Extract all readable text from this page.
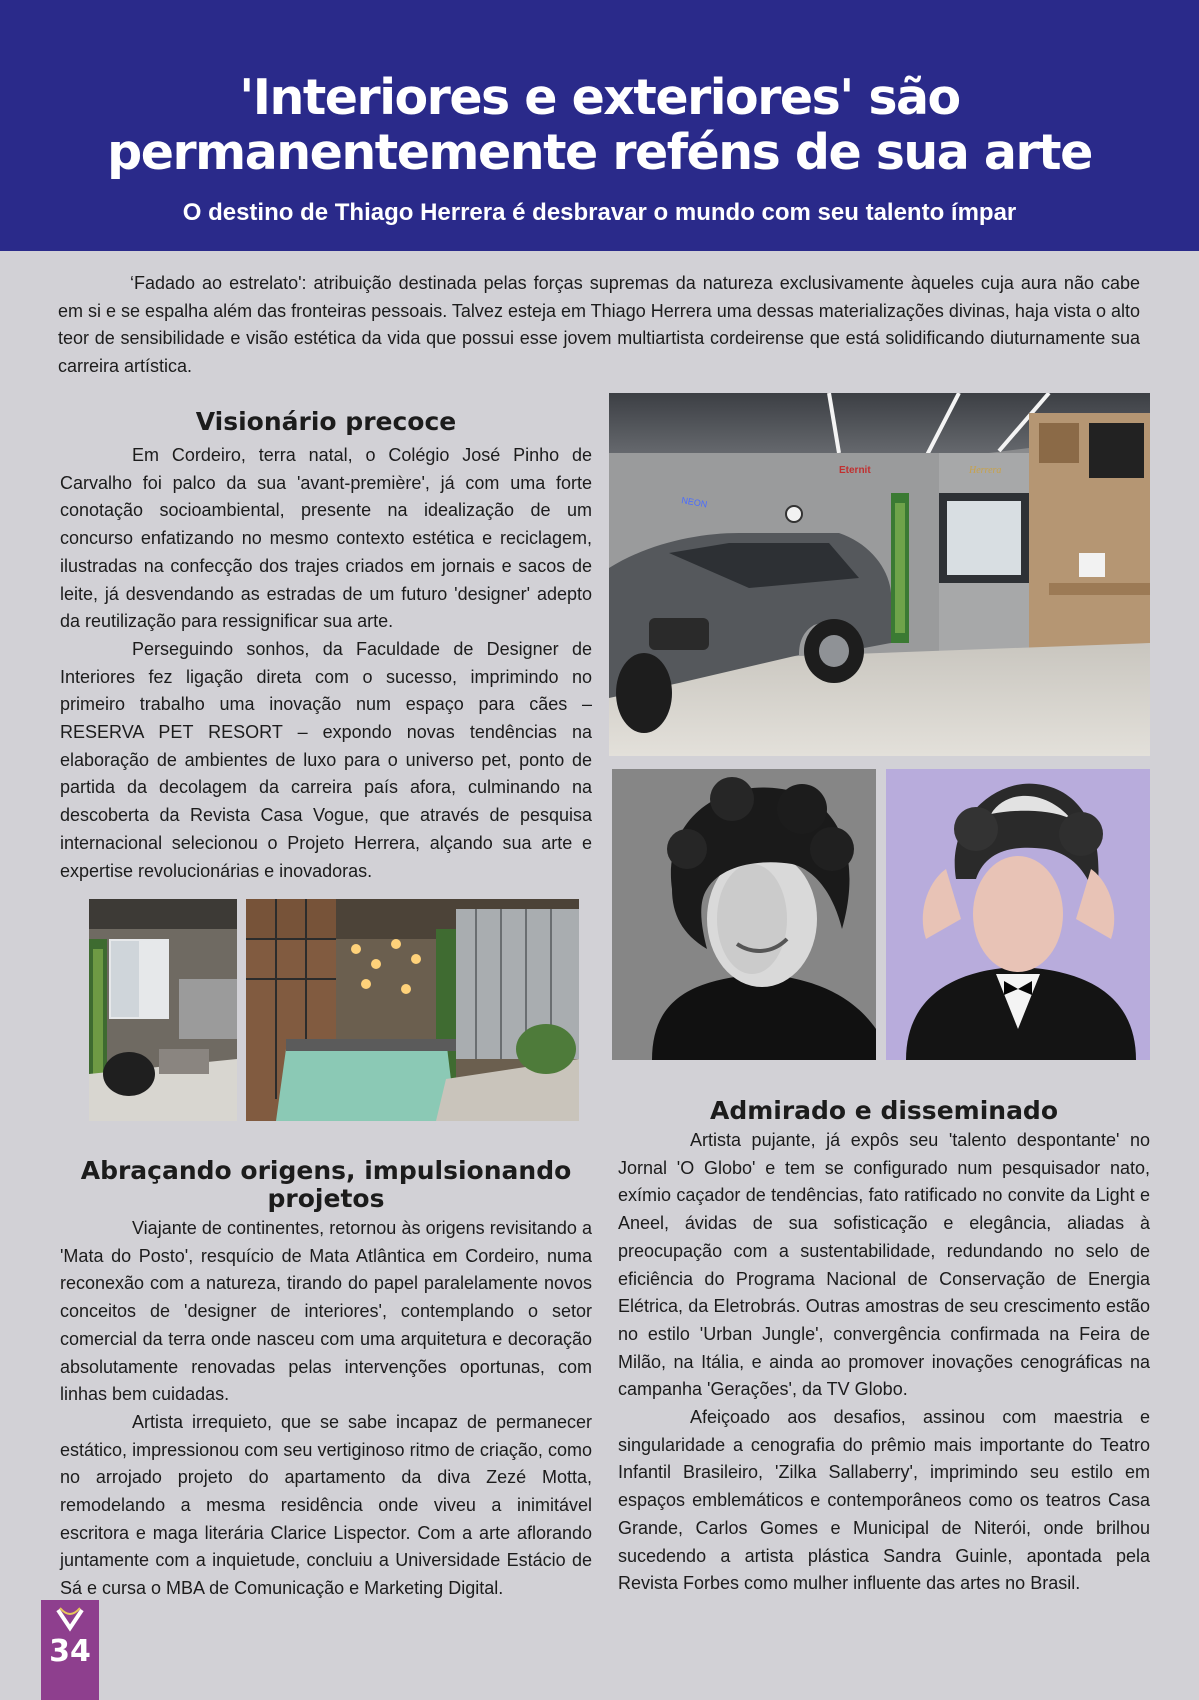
'Interiores e exteriores' são
permanentemente reféns de sua arte
O destino de Thiago Herrera é desbravar o mundo com seu talento ímpar

‘Fadado ao estrelato': atribuição destinada pelas forças supremas da natureza exclusivamente àqueles cuja aura não cabe em si e se espalha além das fronteiras pessoais. Talvez esteja em Thiago Herrera uma dessas materializações divinas, haja vista o alto teor de sensibilidade e visão estética da vida que possui esse jovem multiartista cordeirense que está solidificando diuturnamente sua carreira artística.

Visionário precoce

Em Cordeiro, terra natal, o Colégio José Pinho de Carvalho foi palco da sua 'avant-première', já com uma forte conotação socioambiental, presente na idealização de um concurso enfatizando no mesmo contexto estética e reciclagem, ilustradas na confecção dos trajes criados em jornais e sacos de leite, já desvendando as estradas de um futuro 'designer' adepto da reutilização para ressignificar sua arte.

Perseguindo sonhos, da Faculdade de Designer de Interiores fez ligação direta com o sucesso, imprimindo no primeiro trabalho uma inovação num espaço para cães – RESERVA PET RESORT – expondo novas tendências na elaboração de ambientes de luxo para o universo pet, ponto de partida da decolagem da carreira país afora, culminando na descoberta da Revista Casa Vogue, que através de pesquisa internacional selecionou o Projeto Herrera, alçando sua arte e expertise revolucionárias e inovadoras.

Abraçando origens, impulsionando
projetos

Viajante de continentes, retornou às origens revisitando a 'Mata do Posto', resquício de Mata Atlântica em Cordeiro, numa reconexão com a natureza, tirando do papel paralelamente novos conceitos de 'designer de interiores', contemplando o setor comercial da terra onde nasceu com uma arquitetura e decoração absolutamente renovadas pelas intervenções oportunas, com linhas bem cuidadas.

Artista irrequieto, que se sabe incapaz de permanecer estático, impressionou com seu vertiginoso ritmo de criação, como no arrojado projeto do apartamento da diva Zezé Motta, remodelando a mesma residência onde viveu a inimitável escritora e maga literária Clarice Lispector. Com a arte aflorando juntamente com a inquietude, concluiu a Universidade Estácio de Sá e cursa o MBA de Comunicação e Marketing Digital.

Admirado e disseminado

Artista pujante, já expôs seu 'talento despontante' no Jornal 'O Globo' e tem se configurado num pesquisador nato, exímio caçador de tendências, fato ratificado no convite da Light e Aneel, ávidas de sua sofisticação e elegância, aliadas à preocupação com a sustentabilidade, redundando no selo de eficiência do Programa Nacional de Conservação de Energia Elétrica, da Eletrobrás. Outras amostras de seu crescimento estão no estilo 'Urban Jungle', convergência confirmada na Feira de Milão, na Itália, e ainda ao promover inovações cenográficas na campanha 'Gerações', da TV Globo.

Afeiçoado aos desafios, assinou com maestria e singularidade a cenografia do prêmio mais importante do Teatro Infantil Brasileiro, 'Zilka Sallaberry', imprimindo seu estilo em espaços emblemáticos e contemporâneos como os teatros Casa Grande, Carlos Gomes e Municipal de Niterói, onde brilhou sucedendo a artista plástica Sandra Guinle, apontada pela Revista Forbes como mulher influente das artes no Brasil.

Eternit	Herrera
NEON
34
